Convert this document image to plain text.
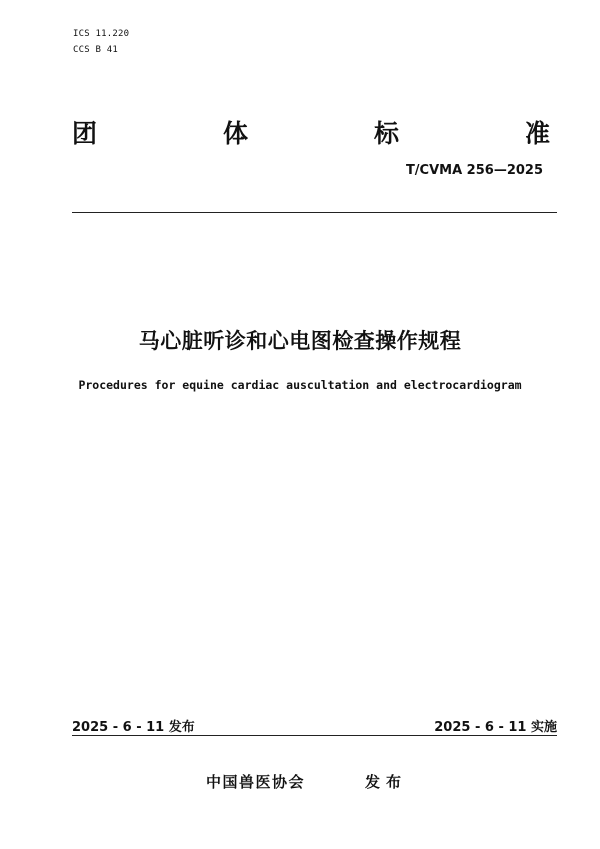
ICS 11.220
CCS B 41
团	体	标	准
T/CVMA 256—2025
马心脏听诊和心电图检查操作规程
Procedures for equine cardiac auscultation and electrocardiogram
2025 - 6 - 11 发布	2025 - 6 - 11 实施
中国兽医协会	发布
